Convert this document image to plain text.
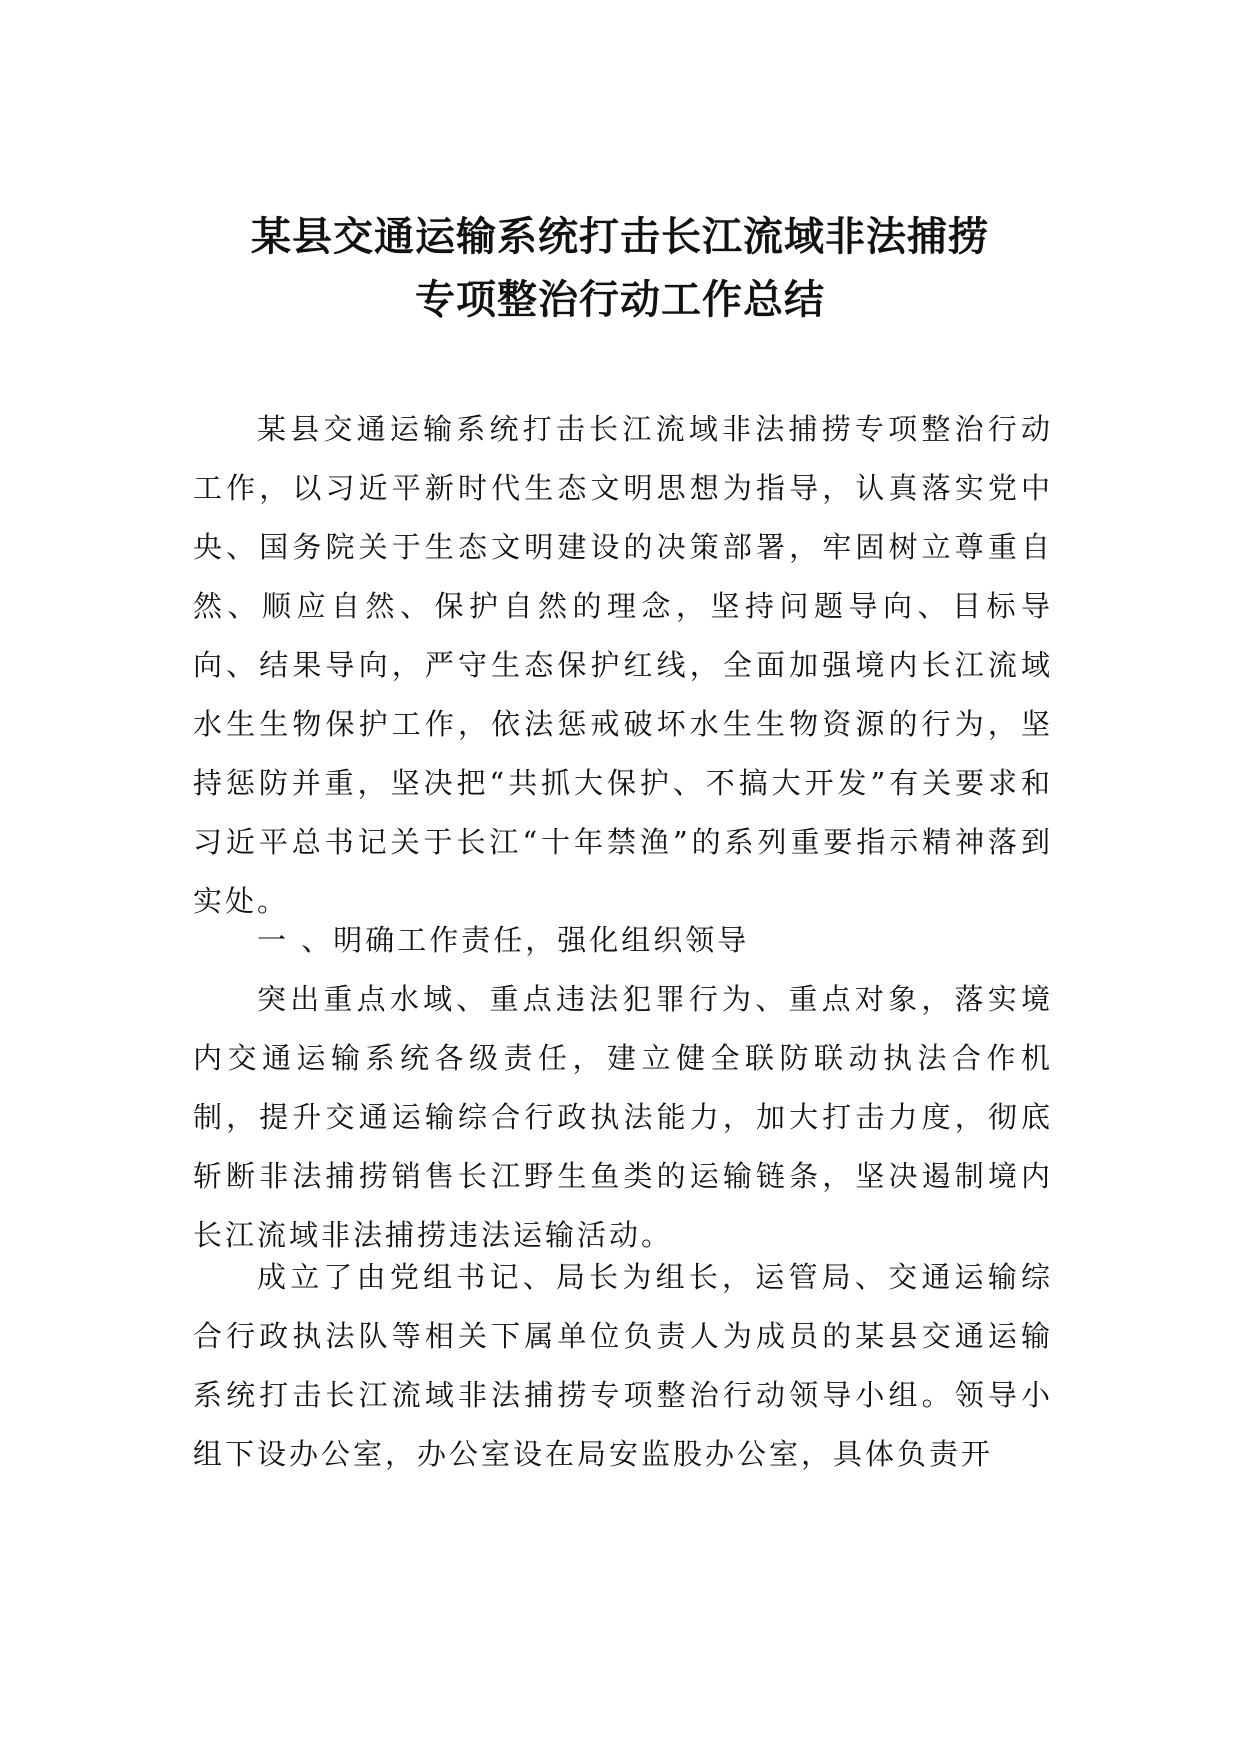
某县交通运输系统打击长江流域非法捕捞
专项整治行动工作总结

某县交通运输系统打击长江流域非法捕捞专项整治行动工作，以习近平新时代生态文明思想为指导，认真落实党中央、国务院关于生态文明建设的决策部署，牢固树立尊重自然、顺应自然、保护自然的理念，坚持问题导向、目标导向、结果导向，严守生态保护红线，全面加强境内长江流域水生生物保护工作，依法惩戒破坏水生生物资源的行为，坚持惩防并重，坚决把“共抓大保护、不搞大开发”有关要求和习近平总书记关于长江“十年禁渔”的系列重要指示精神落到实处。

一 、明确工作责任，强化组织领导

突出重点水域、重点违法犯罪行为、重点对象，落实境内交通运输系统各级责任，建立健全联防联动执法合作机制，提升交通运输综合行政执法能力，加大打击力度，彻底斩断非法捕捞销售长江野生鱼类的运输链条，坚决遏制境内长江流域非法捕捞违法运输活动。

成立了由党组书记、局长为组长，运管局、交通运输综合行政执法队等相关下属单位负责人为成员的某县交通运输系统打击长江流域非法捕捞专项整治行动领导小组。领导小组下设办公室，办公室设在局安监股办公室，具体负责开
